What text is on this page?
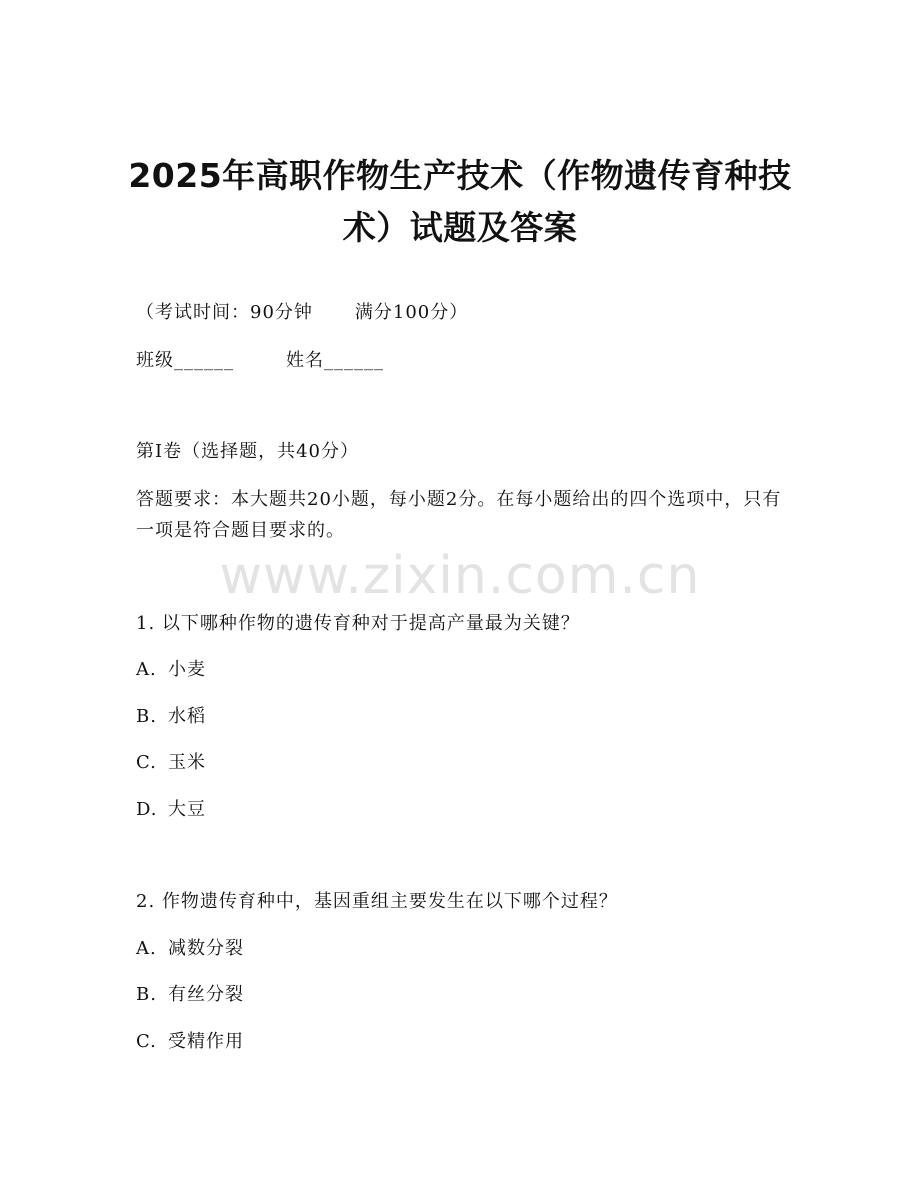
2025年高职作物生产技术（作物遗传育种技术）试题及答案
（考试时间：90分钟 满分100分）
班级______	姓名______
第I卷（选择题，共40分）
答题要求：本大题共20小题，每小题2分。在每小题给出的四个选项中，只有一项是符合题目要求的。
www.zixin.com.cn
1. 以下哪种作物的遗传育种对于提高产量最为关键？
A. 小麦
B. 水稻
C. 玉米
D. 大豆
2. 作物遗传育种中，基因重组主要发生在以下哪个过程？
A. 减数分裂
B. 有丝分裂
C. 受精作用
